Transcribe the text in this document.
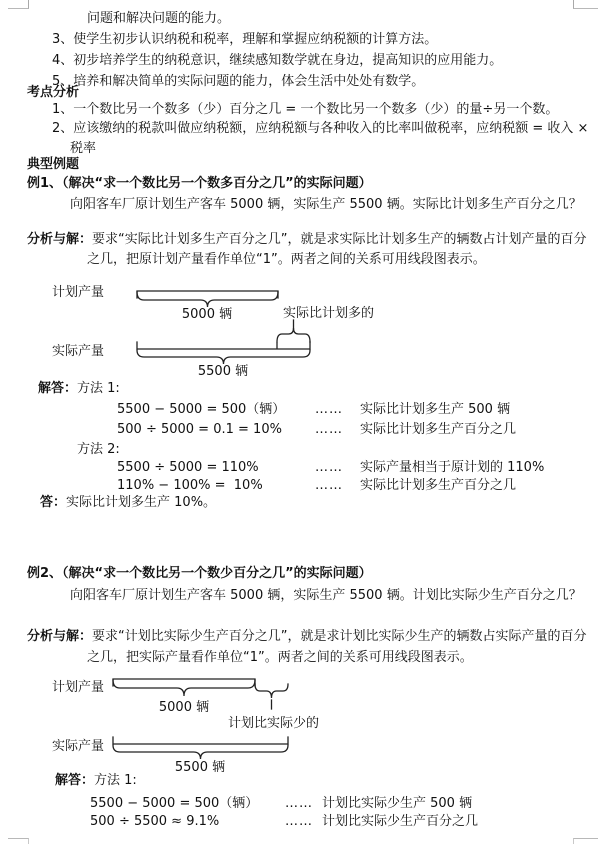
问题和解决问题的能力。
3、使学生初步认识纳税和税率，理解和掌握应纳税额的计算方法。
4、初步培养学生的纳税意识，继续感知数学就在身边，提高知识的应用能力。
5、培养和解决简单的实际问题的能力，体会生活中处处有数学。
考点分析
1、一个数比另一个数多（少）百分之几 = 一个数比另一个数多（少）的量÷另一个数。
2、应该缴纳的税款叫做应纳税额，应纳税额与各种收入的比率叫做税率，应纳税额 = 收入 ×
税率
典型例题
例1、（解决“求一个数比另一个数多百分之几”的实际问题）
向阳客车厂原计划生产客车 5000 辆，实际生产 5500 辆。实际比计划多生产百分之几？
分析与解：要求“实际比计划多生产百分之几”，就是求实际比计划多生产的辆数占计划产量的百分
之几，把原计划产量看作单位“1”。两者之间的关系可用线段图表示。
计划产量
5000 辆	实际比计划多的
实际产量
5500 辆
解答：方法 1:
5500 − 5000 = 500（辆）	……	实际比计划多生产 500 辆
500 ÷ 5000 = 0.1 = 10%	……	实际比计划多生产百分之几
方法 2:
5500 ÷ 5000 = 110%	……	实际产量相当于原计划的 110%
110% − 100% =  10%	……	实际比计划多生产百分之几
答：实际比计划多生产 10%。
例2、（解决“求一个数比另一个数少百分之几”的实际问题）
向阳客车厂原计划生产客车 5000 辆，实际生产 5500 辆。计划比实际少生产百分之几？
分析与解：要求“计划比实际少生产百分之几”，就是求计划比实际少生产的辆数占实际产量的百分
之几，把实际产量看作单位“1”。两者之间的关系可用线段图表示。
计划产量
5000 辆
计划比实际少的
实际产量
5500 辆
解答：方法 1:
5500 − 5000 = 500（辆）	…… 计划比实际少生产 500 辆
500 ÷ 5500 ≈ 9.1%	…… 计划比实际少生产百分之几
